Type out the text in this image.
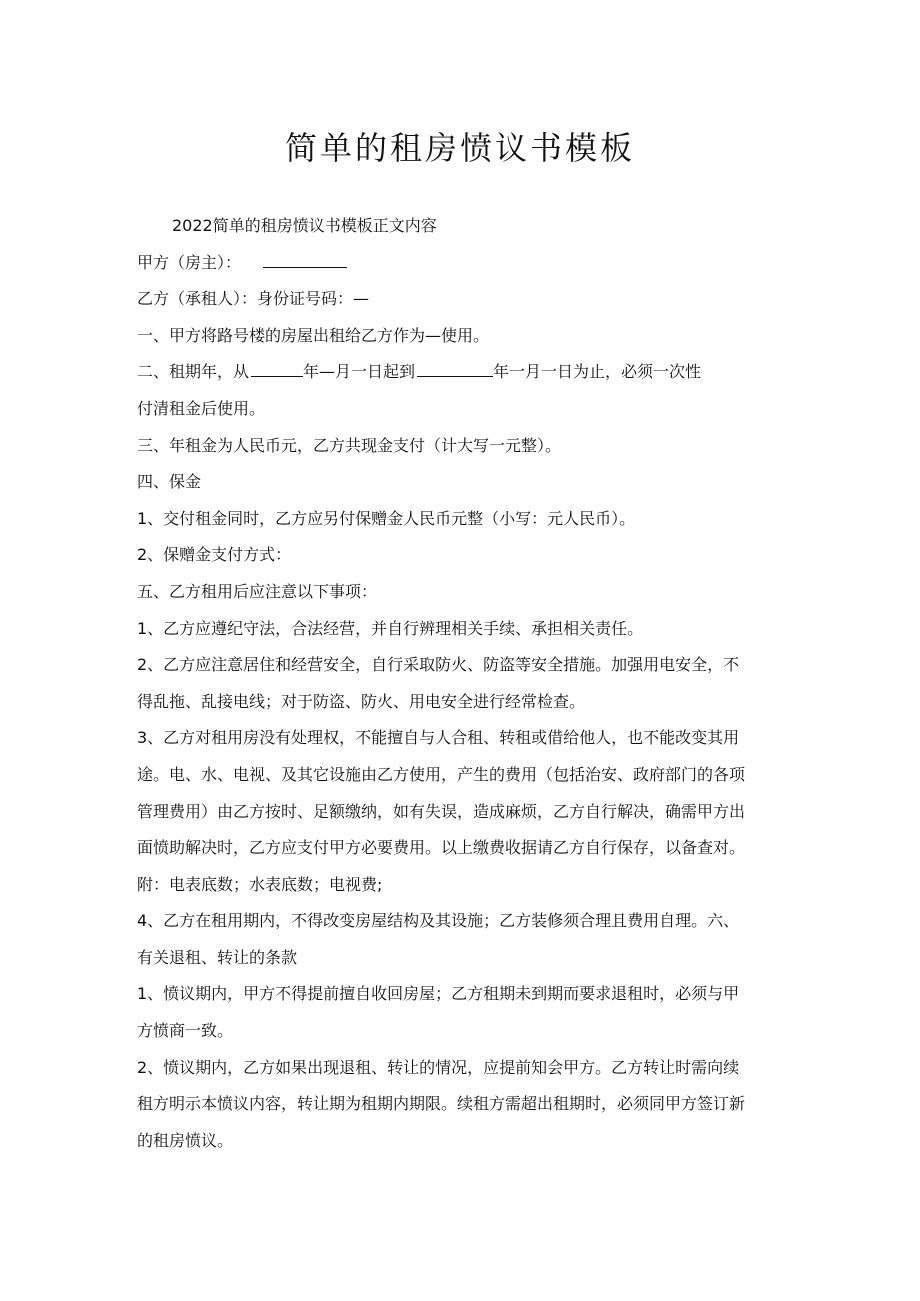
简单的租房愤议书模板
2022简单的租房愤议书模板正文内容
甲方（房主）：
乙方（承租人）：身份证号码：—
一、甲方将路号楼的房屋出租给乙方作为—使用。
二、租期年，从	年—月一日起到	年一月一日为止，必须一次性
付清租金后使用。
三、年租金为人民币元，乙方共现金支付（计大写一元整）。
四、保金
1、交付租金同时，乙方应另付保赠金人民币元整（小写：元人民币）。
2、保赠金支付方式：
五、乙方租用后应注意以下事项：
1、乙方应遵纪守法，合法经营，并自行辨理相关手续、承担相关责任。
2、乙方应注意居住和经营安全，自行采取防火、防盗等安全措施。加强用电安全，不
得乱拖、乱接电线；对于防盗、防火、用电安全进行经常检查。
3、乙方对租用房没有处理权，不能擅自与人合租、转租或借给他人，也不能改变其用
途。电、水、电视、及其它设施由乙方使用，产生的费用（包括治安、政府部门的各项
管理费用）由乙方按时、足额缴纳，如有失误，造成麻烦，乙方自行解决，确需甲方出
面愤助解决时，乙方应支付甲方必要费用。以上缴费收据请乙方自行保存，以备查对。
附：电表底数；水表底数；电视费;
4、乙方在租用期内，不得改变房屋结构及其设施；乙方装修须合理且费用自理。六、
有关退租、转让的条款
1、愤议期内，甲方不得提前擅自收回房屋；乙方租期未到期而要求退租时，必须与甲
方愤商一致。
2、愤议期内，乙方如果出现退租、转让的情况，应提前知会甲方。乙方转让时需向续
租方明示本愤议内容，转让期为租期内期限。续租方需超出租期时，必须同甲方签订新
的租房愤议。
